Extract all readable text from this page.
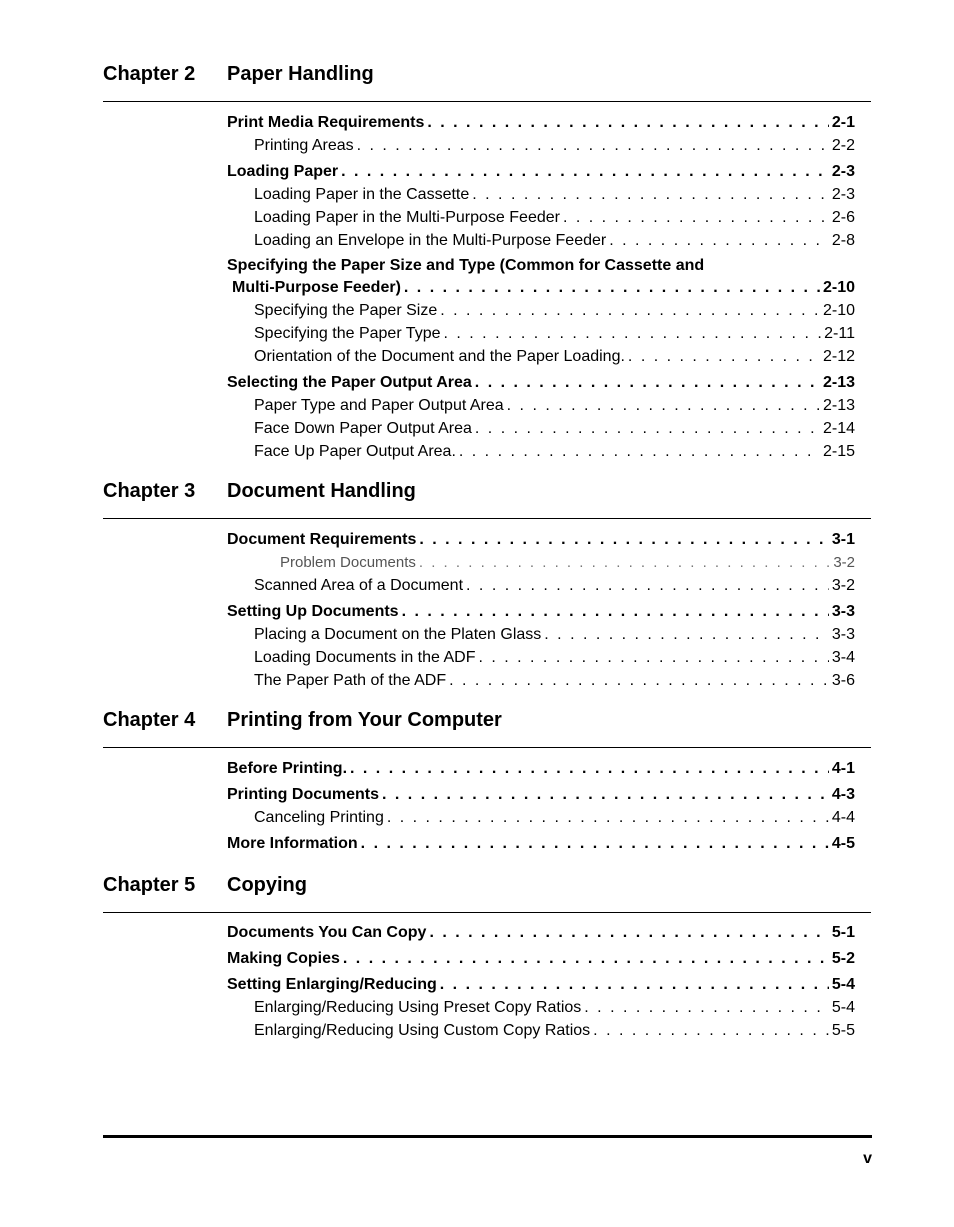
Chapter 2 Paper Handling
Print Media Requirements . . .	2-1
Printing Areas . . .	2-2
Loading Paper . . .	2-3
Loading Paper in the Cassette . . .	2-3
Loading Paper in the Multi-Purpose Feeder . . .	2-6
Loading an Envelope in the Multi-Purpose Feeder . . .	2-8
Specifying the Paper Size and Type (Common for Cassette and
Multi-Purpose Feeder) . . .	2-10
Specifying the Paper Size . . .	2-10
Specifying the Paper Type . . .	2-11
Orientation of the Document and the Paper Loading. . . .	2-12
Selecting the Paper Output Area . . .	2-13
Paper Type and Paper Output Area . . .	2-13
Face Down Paper Output Area . . .	2-14
Face Up Paper Output Area. . . .	2-15
Chapter 3 Document Handling
Document Requirements . . .	3-1
Problem Documents . . .	3-2
Scanned Area of a Document . . .	3-2
Setting Up Documents . . .	3-3
Placing a Document on the Platen Glass . . .	3-3
Loading Documents in the ADF . . .	3-4
The Paper Path of the ADF . . .	3-6
Chapter 4 Printing from Your Computer
Before Printing. . . .	4-1
Printing Documents . . .	4-3
Canceling Printing . . .	4-4
More Information . . .	4-5
Chapter 5 Copying
Documents You Can Copy . . .	5-1
Making Copies . . .	5-2
Setting Enlarging/Reducing . . .	5-4
Enlarging/Reducing Using Preset Copy Ratios . . .	5-4
Enlarging/Reducing Using Custom Copy Ratios . . .	5-5
v
